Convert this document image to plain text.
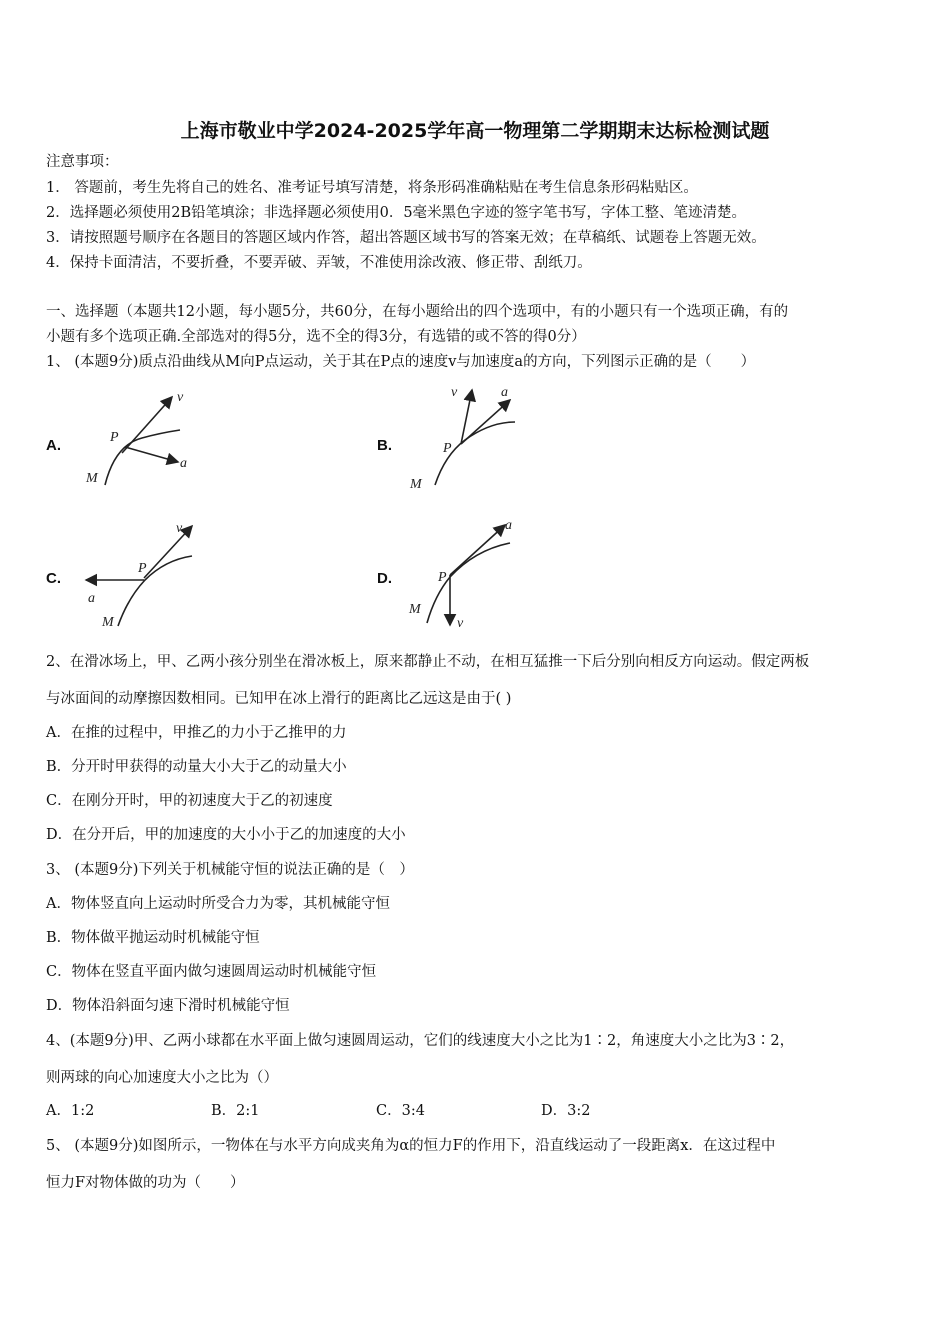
上海市敬业中学2024-2025学年高一物理第二学期期末达标检测试题
注意事项：
1． 答题前，考生先将自己的姓名、准考证号填写清楚，将条形码准确粘贴在考生信息条形码粘贴区。
2．选择题必须使用2B铅笔填涂；非选择题必须使用0．5毫米黑色字迹的签字笔书写，字体工整、笔迹清楚。
3．请按照题号顺序在各题目的答题区域内作答，超出答题区域书写的答案无效；在草稿纸、试题卷上答题无效。
4．保持卡面清洁，不要折叠，不要弄破、弄皱，不准使用涂改液、修正带、刮纸刀。
一、选择题（本题共12小题，每小题5分，共60分，在每小题给出的四个选项中，有的小题只有一个选项正确，有的
小题有多个选项正确.全部选对的得5分，选不全的得3分，有选错的或不答的得0分）
1、 (本题9分)质点沿曲线从M向P点运动，关于其在P点的速度v与加速度a的方向，下列图示正确的是（　　）
A.	B.
C.	D.
P
M
v
a
P
M
v	a
P
M
v
a
P
M
v
a
2、在滑冰场上，甲、乙两小孩分别坐在滑冰板上，原来都静止不动，在相互猛推一下后分别向相反方向运动。假定两板
与冰面间的动摩擦因数相同。已知甲在冰上滑行的距离比乙远这是由于( )
A．在推的过程中，甲推乙的力小于乙推甲的力
B．分开时甲获得的动量大小大于乙的动量大小
C．在刚分开时，甲的初速度大于乙的初速度
D．在分开后，甲的加速度的大小小于乙的加速度的大小
3、 (本题9分)下列关于机械能守恒的说法正确的是（　）
A．物体竖直向上运动时所受合力为零，其机械能守恒
B．物体做平抛运动时机械能守恒
C．物体在竖直平面内做匀速圆周运动时机械能守恒
D．物体沿斜面匀速下滑时机械能守恒
4、(本题9分)甲、乙两小球都在水平面上做匀速圆周运动，它们的线速度大小之比为1∶2，角速度大小之比为3∶2，
则两球的向心加速度大小之比为（）
A．1:2	B．2:1	C．3:4	D．3:2
5、 (本题9分)如图所示，一物体在与水平方向成夹角为α的恒力F的作用下，沿直线运动了一段距离x．在这过程中
恒力F对物体做的功为（　　）
